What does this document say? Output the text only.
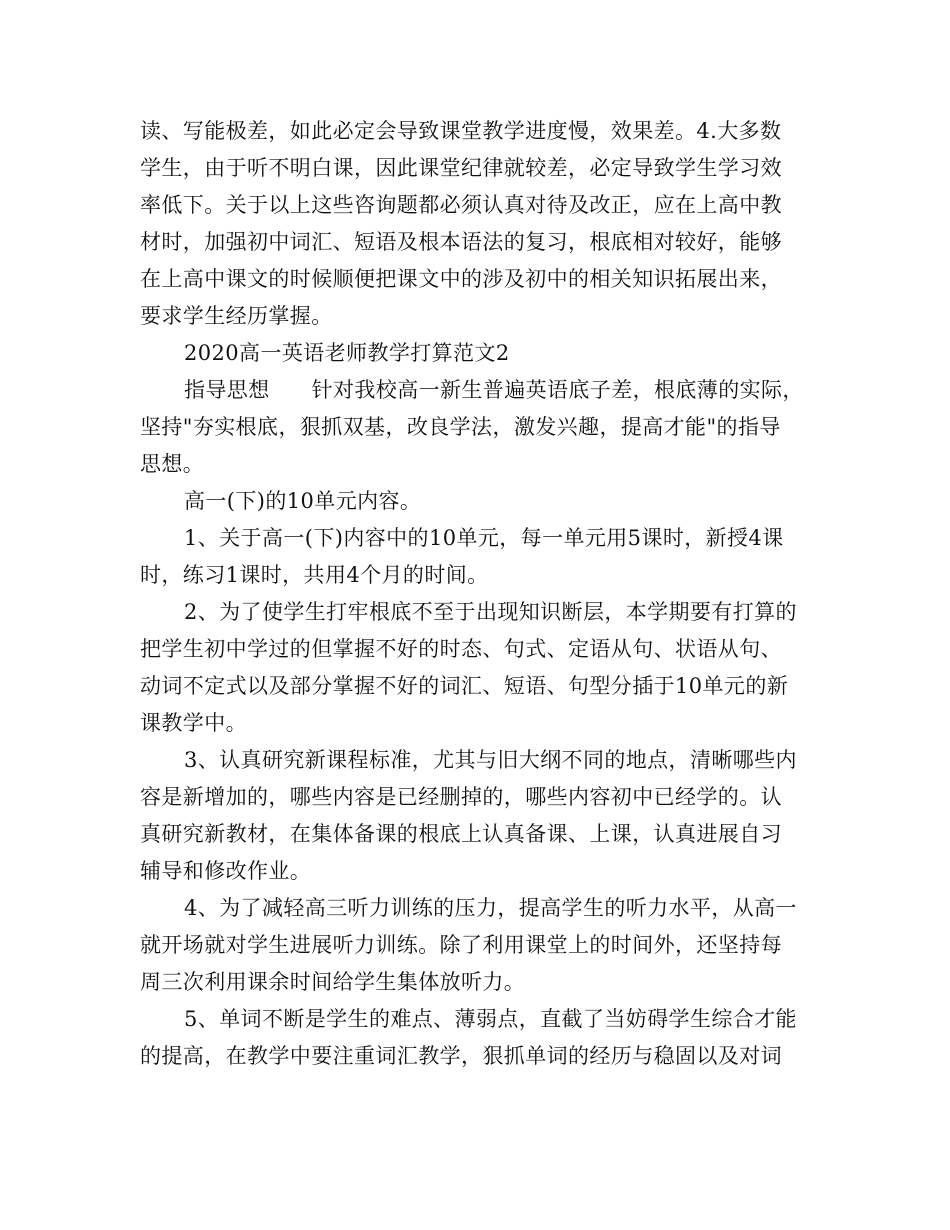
读、写能极差，如此必定会导致课堂教学进度慢，效果差。4.大多数
学生，由于听不明白课，因此课堂纪律就较差，必定导致学生学习效
率低下。关于以上这些咨询题都必须认真对待及改正，应在上高中教
材时，加强初中词汇、短语及根本语法的复习，根底相对较好，能够
在上高中课文的时候顺便把课文中的涉及初中的相关知识拓展出来，
要求学生经历掌握。

2020高一英语老师教学打算范文2

指导思想 针对我校高一新生普遍英语底子差，根底薄的实际，
坚持"夯实根底，狠抓双基，改良学法，激发兴趣，提高才能"的指导
思想。

高一(下)的10单元内容。

1、关于高一(下)内容中的10单元，每一单元用5课时，新授4课
时，练习1课时，共用4个月的时间。

2、为了使学生打牢根底不至于出现知识断层，本学期要有打算的
把学生初中学过的但掌握不好的时态、句式、定语从句、状语从句、
动词不定式以及部分掌握不好的词汇、短语、句型分插于10单元的新
课教学中。

3、认真研究新课程标准，尤其与旧大纲不同的地点，清晰哪些内
容是新增加的，哪些内容是已经删掉的，哪些内容初中已经学的。认
真研究新教材，在集体备课的根底上认真备课、上课，认真进展自习
辅导和修改作业。

4、为了减轻高三听力训练的压力，提高学生的听力水平，从高一
就开场就对学生进展听力训练。除了利用课堂上的时间外，还坚持每
周三次利用课余时间给学生集体放听力。

5、单词不断是学生的难点、薄弱点，直截了当妨碍学生综合才能
的提高，在教学中要注重词汇教学，狠抓单词的经历与稳固以及对词
